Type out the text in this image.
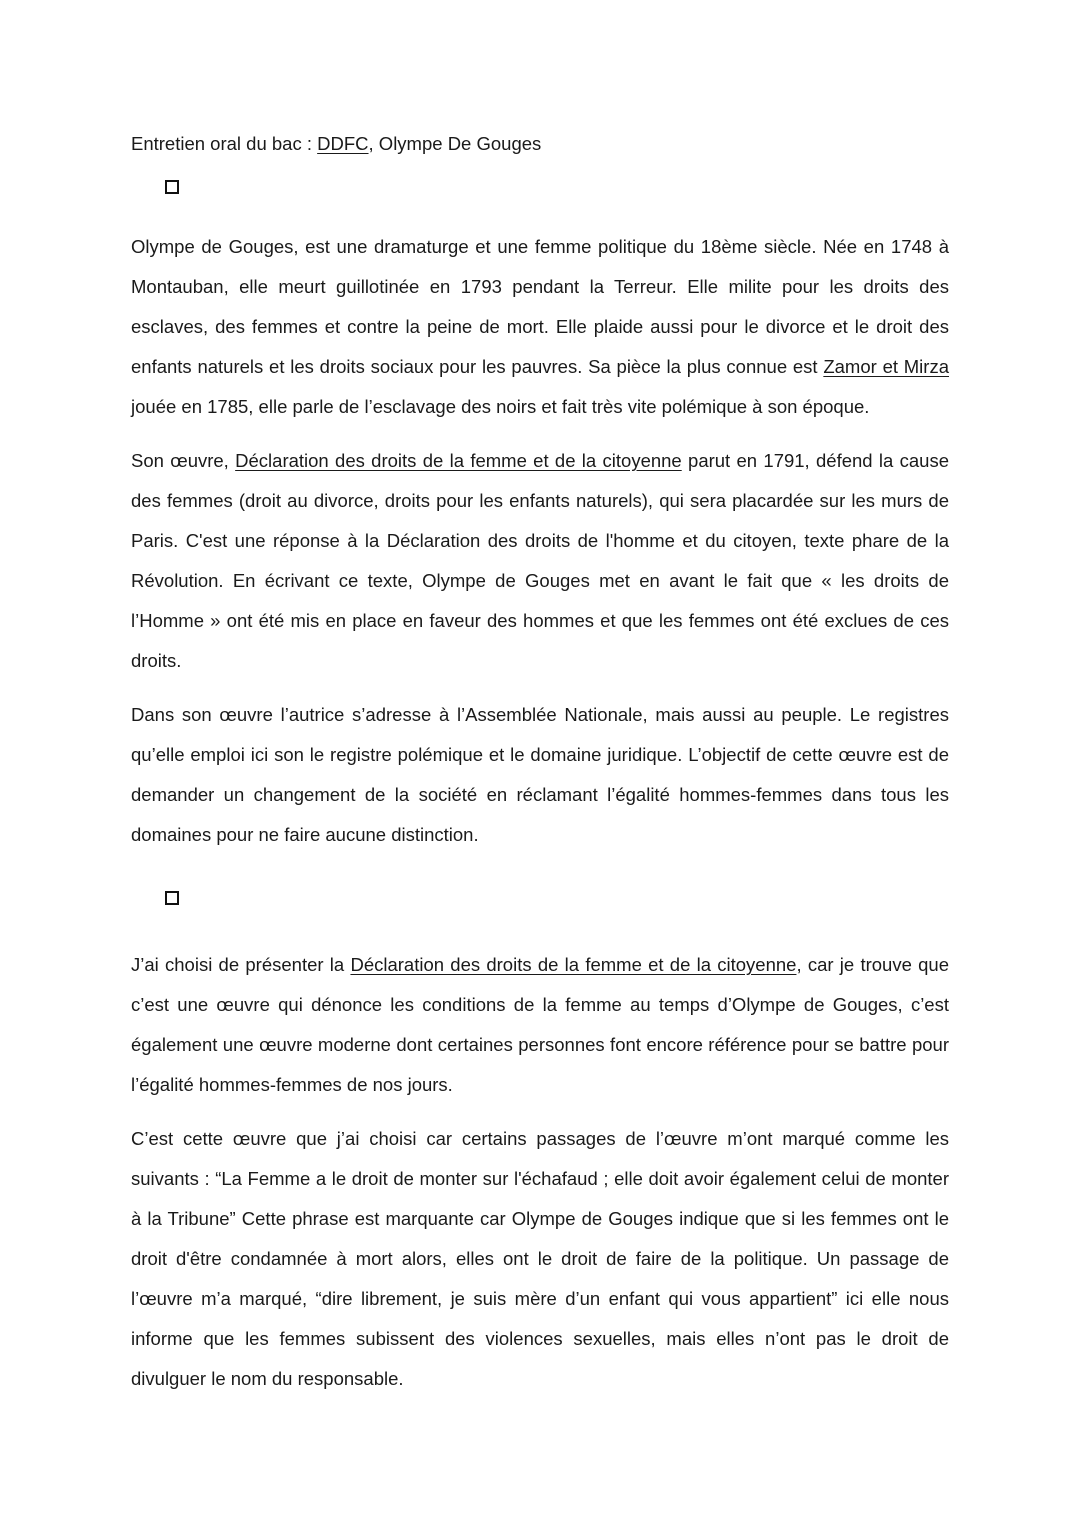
Entretien oral du bac : DDFC, Olympe De Gouges

Olympe de Gouges, est une dramaturge et une femme politique du 18ème siècle. Née en 1748 à Montauban, elle meurt guillotinée en 1793 pendant la Terreur. Elle milite pour les droits des esclaves, des femmes et contre la peine de mort. Elle plaide aussi pour le divorce et le droit des enfants naturels et les droits sociaux pour les pauvres. Sa pièce la plus connue est Zamor et Mirza jouée en 1785, elle parle de l’esclavage des noirs et fait très vite polémique à son époque.

Son œuvre, Déclaration des droits de la femme et de la citoyenne parut en 1791, défend la cause des femmes (droit au divorce, droits pour les enfants naturels), qui sera placardée sur les murs de Paris. C'est une réponse à la Déclaration des droits de l'homme et du citoyen, texte phare de la Révolution. En écrivant ce texte, Olympe de Gouges met en avant le fait que « les droits de l’Homme » ont été mis en place en faveur des hommes et que les femmes ont été exclues de ces droits.

Dans son œuvre l’autrice s’adresse à l’Assemblée Nationale, mais aussi au peuple. Le registres qu’elle emploi ici son le registre polémique et le domaine juridique. L’objectif de cette œuvre est de demander un changement de la société en réclamant l’égalité hommes-femmes dans tous les domaines pour ne faire aucune distinction.

J’ai choisi de présenter la Déclaration des droits de la femme et de la citoyenne, car je trouve que c’est une œuvre qui dénonce les conditions de la femme au temps d’Olympe de Gouges, c’est également une œuvre moderne dont certaines personnes font encore référence pour se battre pour l’égalité hommes-femmes de nos jours.

C’est cette œuvre que j’ai choisi car certains passages de l’œuvre m’ont marqué comme les suivants : “La Femme a le droit de monter sur l'échafaud ; elle doit avoir également celui de monter à la Tribune” Cette phrase est marquante car Olympe de Gouges indique que si les femmes ont le droit d'être condamnée à mort alors, elles ont le droit de faire de la politique. Un passage de l’œuvre m’a marqué, “dire librement, je suis mère d’un enfant qui vous appartient” ici elle nous informe que les femmes subissent des violences sexuelles, mais elles n’ont pas le droit de divulguer le nom du responsable.
